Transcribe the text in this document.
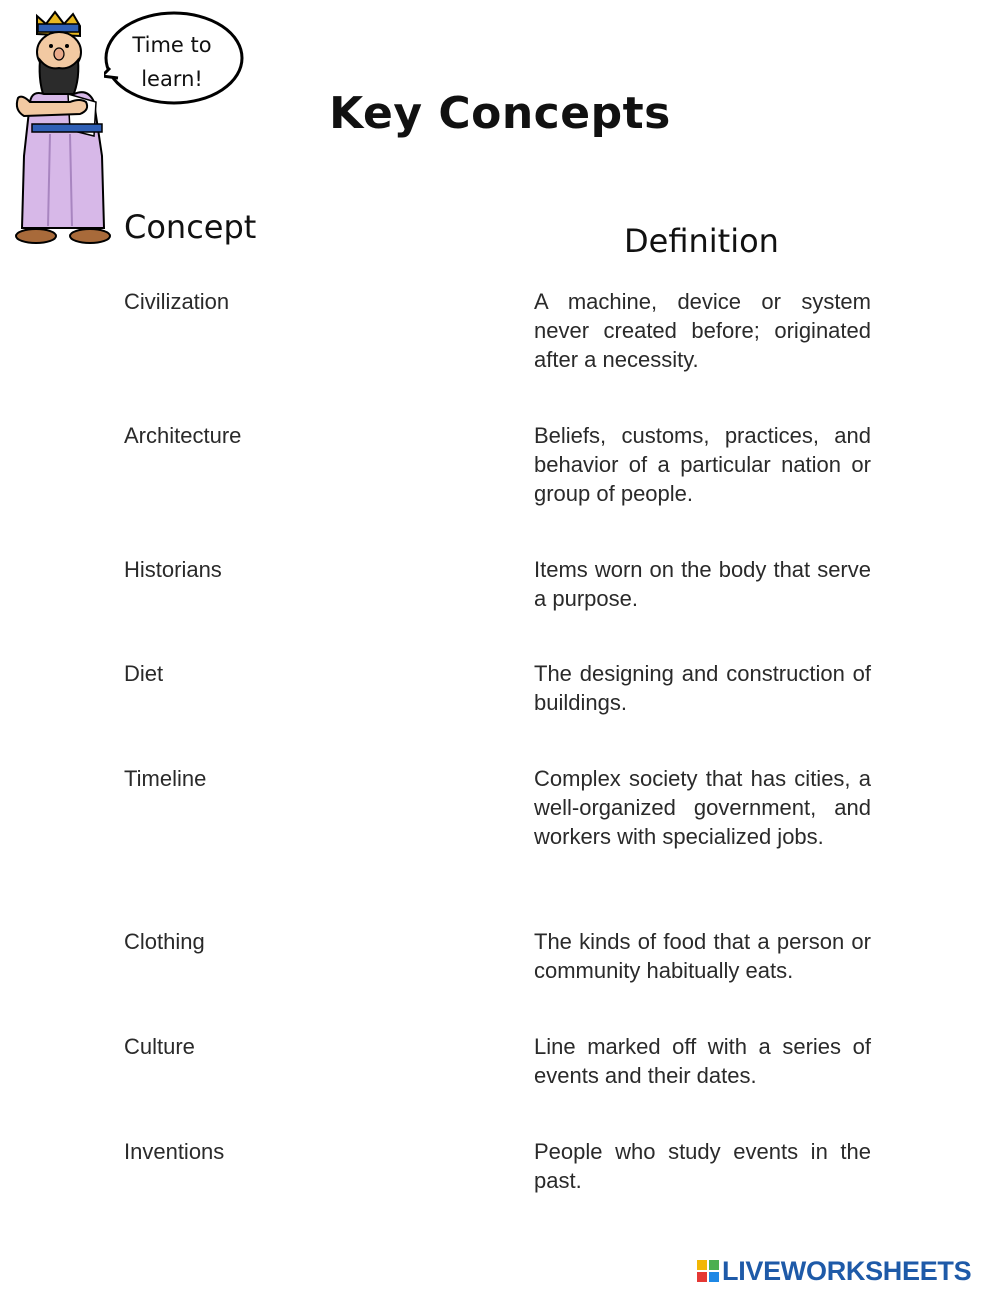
Time to
learn!
Key Concepts
Concept	Definition
Civilization	A machine, device or system never created before; originated after a necessity.
Architecture	Beliefs, customs, practices, and behavior of a particular nation or group of people.
Historians	Items worn on the body that serve a purpose.
Diet	The designing and construction of buildings.
Timeline	Complex society that has cities, a well-organized government, and workers with specialized jobs.
Clothing	The kinds of food that a person or community habitually eats.
Culture	Line marked off with a series of events and their dates.
Inventions	People who study events in the past.
LIVEWORKSHEETS
